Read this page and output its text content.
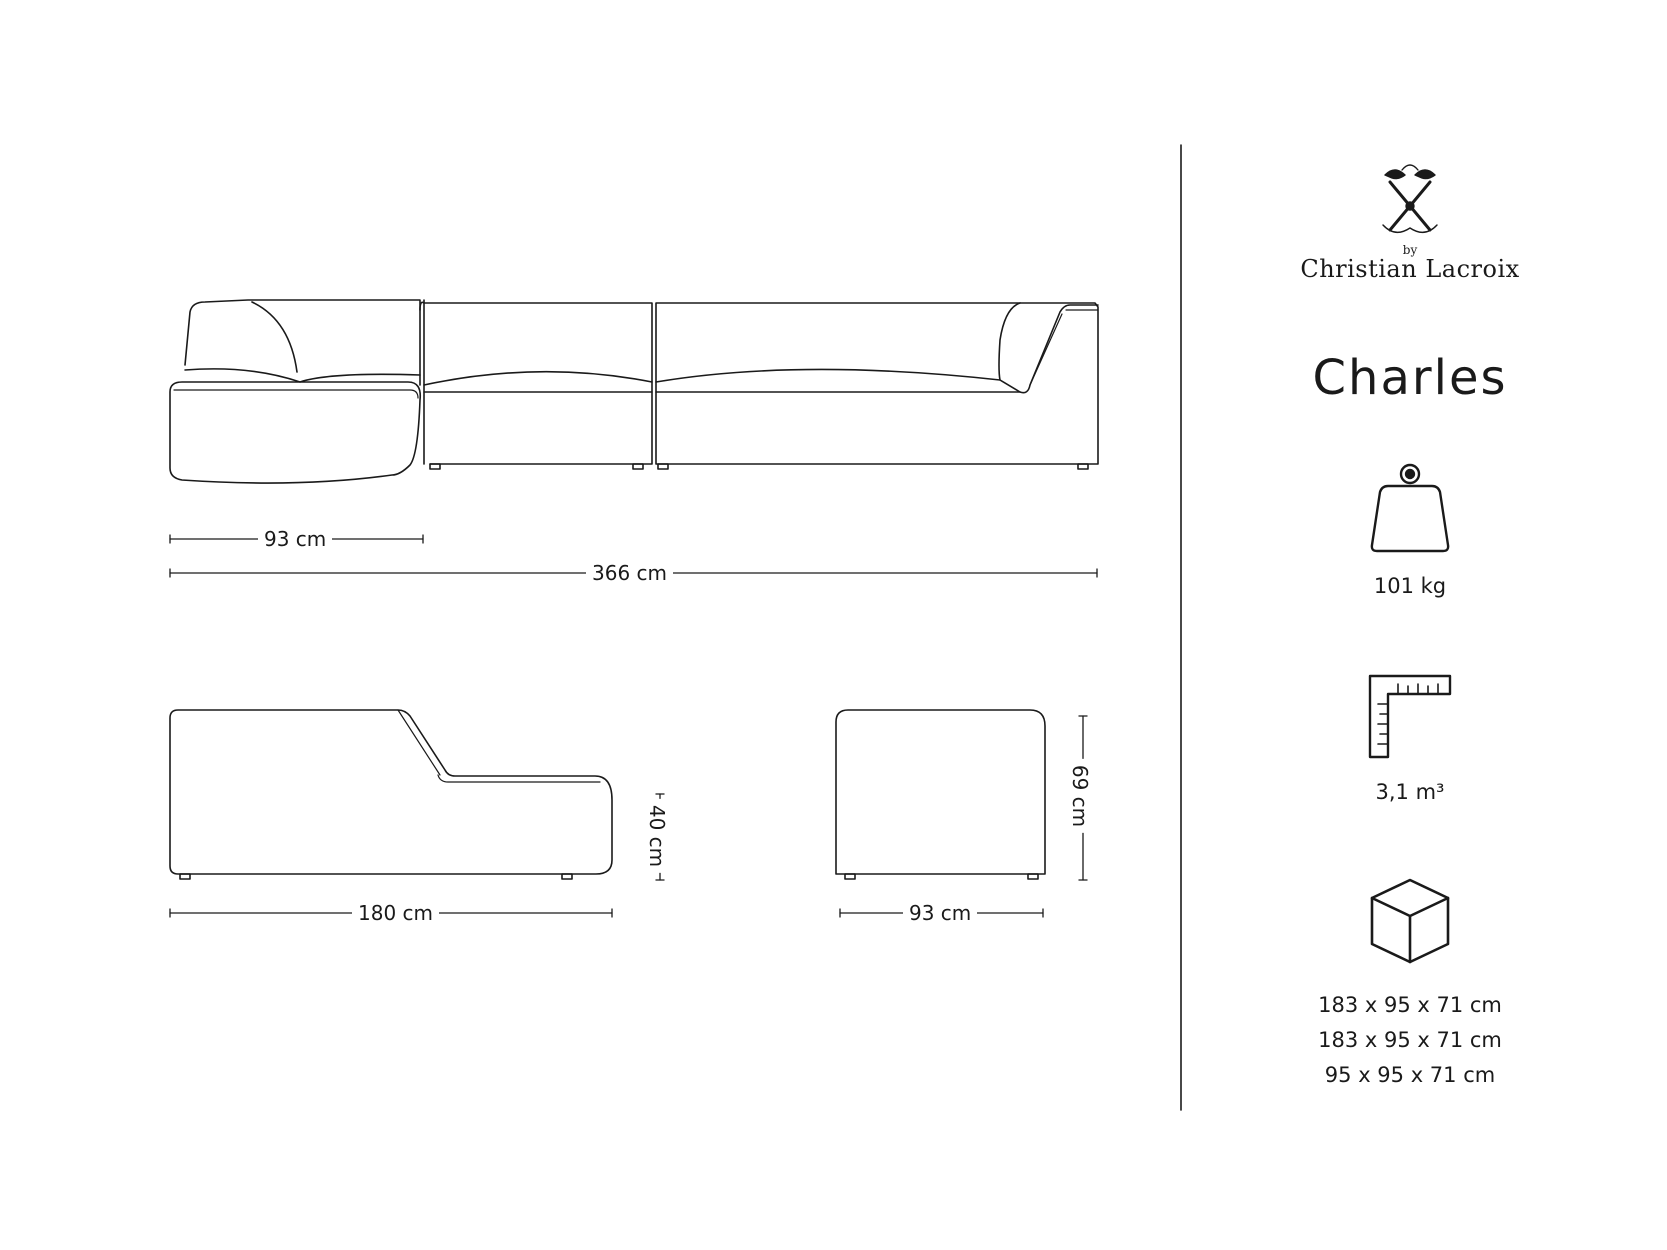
by
Christian Lacroix
Charles
101 kg
3,1 m³
183 x 95 x 71 cm
183 x 95 x 71 cm
95 x 95 x 71 cm
93 cm
366 cm
180 cm	93 cm
40 cm
69 cm
